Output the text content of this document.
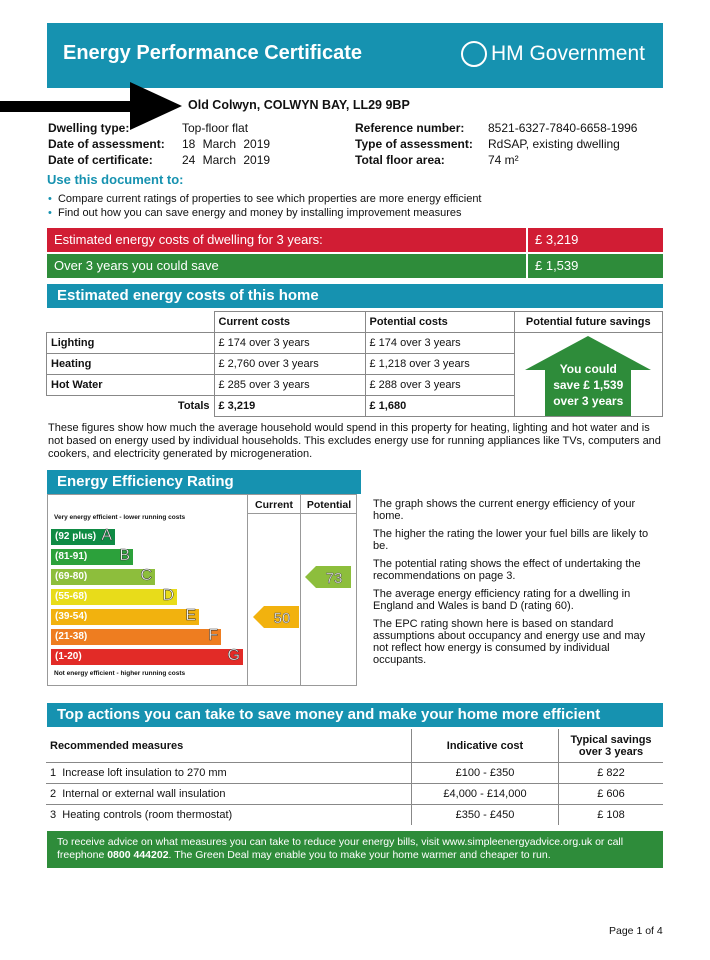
Energy Performance Certificate	HM Government
Old Colwyn, COLWYN BAY, LL29 9BP
Dwelling type:	Top-floor flat
Date of assessment: 18 March 2019
Date of certificate: 24 March 2019
Reference number: 8521-6327-7840-6658-1996
Type of assessment: RdSAP, existing dwelling
Total floor area:	74 m²
Use this document to:
• Compare current ratings of properties to see which properties are more energy efficient
• Find out how you can save energy and money by installing improvement measures
Estimated energy costs of dwelling for 3 years:	£ 3,219
Over 3 years you could save	£ 1,539
Estimated energy costs of this home
	Current costs	Potential costs	Potential future savings
Lighting	£ 174 over 3 years	£ 174 over 3 years	You could
save £ 1,539
over 3 years

Heating	£ 2,760 over 3 years	£ 1,218 over 3 years	
Hot Water	£ 285 over 3 years	£ 288 over 3 years	
Totals	£ 3,219	£ 1,680	
These figures show how much the average household would spend in this property for heating, lighting and hot water and is not based on energy used by individual households. This excludes energy use for running appliances like TVs, computers and cookers, and electricity generated by microgeneration.
Energy Efficiency Rating
Current	Potential
Very energy efficient - lower running costs
Not energy efficient - higher running costs
(92 plus) A
(81-91) B
(69-80)	C
(55-68)	D
(39-54)	E
(21-38)	F
(1-20)	G
50
73

The graph shows the current energy efficiency of your home.

The higher the rating the lower your fuel bills are likely to be.

The potential rating shows the effect of undertaking the recommendations on page 3.

The average energy efficiency rating for a dwelling in England and Wales is band D (rating 60).

The EPC rating shown here is based on standard assumptions about occupancy and energy use and may not reflect how energy is consumed by individual occupants.

Top actions you can take to save money and make your home more efficient
Recommended measures	Indicative cost	Typical savings over 3 years
1 Increase loft insulation to 270 mm	£100 - £350	£ 822
2 Internal or external wall insulation	£4,000 - £14,000	£ 606
3 Heating controls (room thermostat)	£350 - £450	£ 108
To receive advice on what measures you can take to reduce your energy bills, visit www.simpleenergyadvice.org.uk or call freephone 0800 444202. The Green Deal may enable you to make your home warmer and cheaper to run.
Page 1 of 4
